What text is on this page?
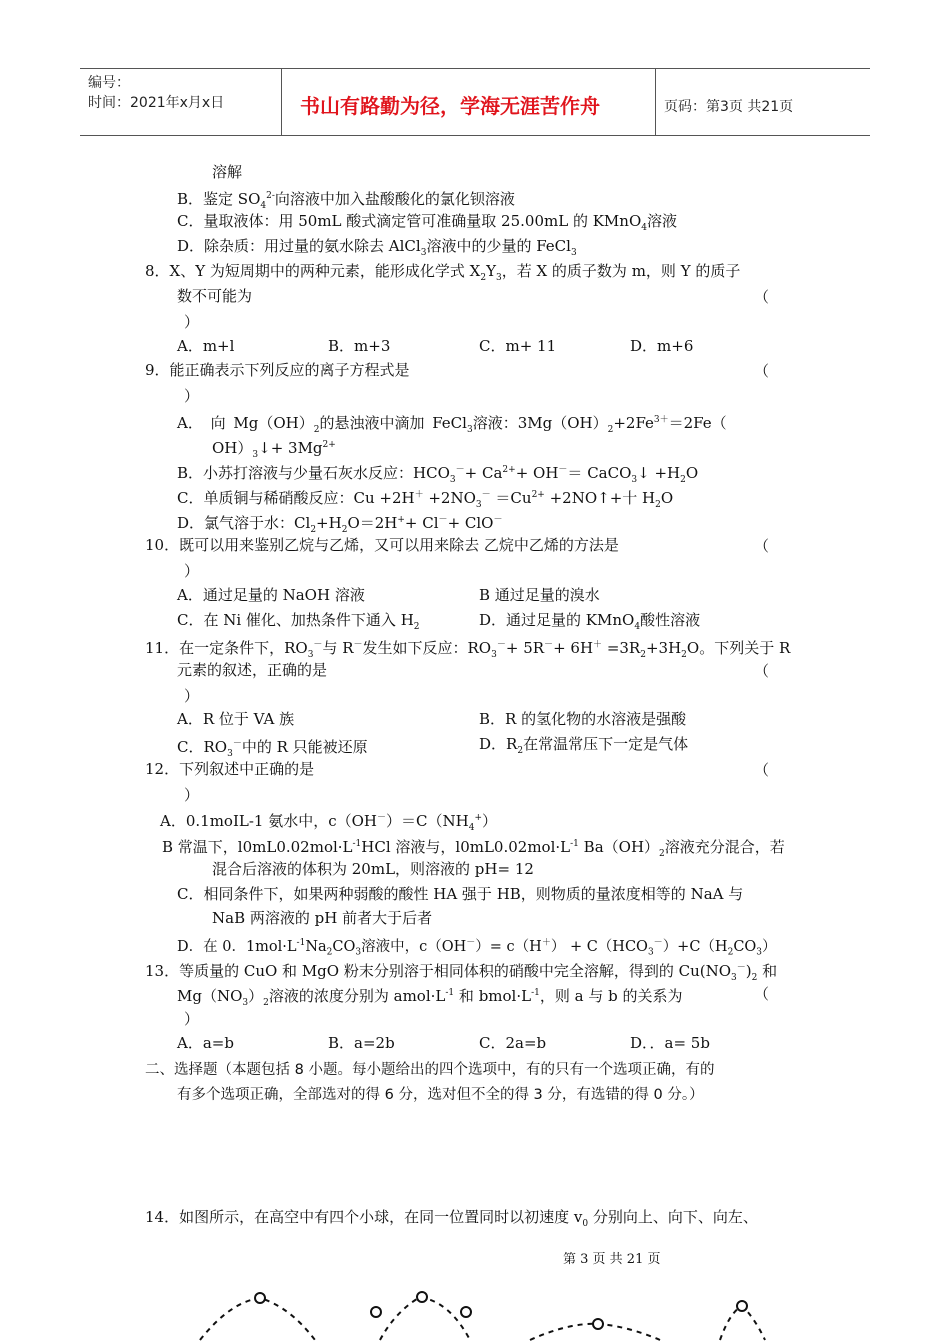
编号：
时间：2021年x月x日	书山有路勤为径，学海无涯苦作舟	页码：第3页 共21页
溶解
B．鉴定 $SO_4^{2-}$向溶液中加入盐酸酸化的氯化钡溶液
C．量取液体：用 50mL 酸式滴定管可准确量取 25.00mL 的 KMnO$_4$溶液
D．除杂质：用过量的氨水除去 AlCl$_3$溶液中的少量的 FeCl$_3$
8．X、Y 为短周期中的两种元素，能形成化学式 $X_2Y_3$，若 X 的质子数为 m，则 Y 的质子
数不可能为	（
）
A．m+l	B．m+3	C．m+ 11	D．m+6
9．能正确表示下列反应的离子方程式是	（
）
A． 向 $Mg(OH)_2$的悬浊液中滴加 FeCl$_3$溶液：$3Mg(OH)_2+2Fe^{3+}=2Fe$（
$OH)_3↓+ 3Mg^{2+}$
B．小苏打溶液与少量石灰水反应：$HCO_3^-+ Ca^{2+}+ OH^-=$ CaCO$_3$↓ $+H_2O$
C．单质铜与稀硝酸反应：$Cu +2H^+ +2NO_3^- =Cu^{2+}$ +2NO↑+十 $H_2O$
D．氯气溶于水：$Cl_2+H_2O=2H^++ Cl^-+ ClO^-$
10．既可以用来鉴别乙烷与乙烯，又可以用来除去 乙烷中乙烯的方法是	（
）
A．通过足量的 NaOH 溶液	B 通过足量的溴水
C．在 Ni 催化、加热条件下通入 $H_2$	D．通过足量的 KMnO$_4$酸性溶液
11．在一定条件下，$RO_3^-$与 R－发生如下反应：$RO_3^-+ 5R^-+ 6H^+ =3R_2+3H_2O$。下列关于 R
元素的叙述，正确的是	（
）
A．R 位于 VA 族	B．R 的氢化物的水溶液是强酸
C．$RO_3^-$中的 R 只能被还原	D．$R_2$在常温常压下一定是气体
12．下列叙述中正确的是	（
）
A．0.1moIL-1 氨水中，$c(OH^-)=C(NH_4^+)$
B 常温下，$l0mL0.02mol\cdot L^{-1}HCl$ 溶液与，$l0mL0.02mol\cdot L^{-1}$ $Ba(OH)_2$溶液充分混合，若
混合后溶液的体积为 20mL，则溶液的 pH= 12
C．相同条件下，如果两种弱酸的酸性 HA 强于 HB，则物质的量浓度相等的 NaA 与
NaB 两溶液的 pH 前者大于后者
D．在 0．$1mol\cdot L^{-1}Na_2CO_3$溶液中，$c(OH^-)= c(H^+) + C(HCO_3^-)+C(H_2CO_3)$
13．等质量的 CuO 和 MgO 粉末分别溶于相同体积的硝酸中完全溶解，得到的 $Cu(NO_3^-)_2$ 和
$Mg(NO_3)_2$溶液的浓度分别为 $amol\cdot L^{-1}$ 和 $bmol\cdot L^{-1}$，则 a 与 b 的关系为	（
）
A．a=b	B．a=2b	C．2a=b	D．．a= 5b
二、选择题（本题包括 8 小题。每小题给出的四个选项中，有的只有一个选项正确，有的
有多个选项正确，全部选对的得 6 分，选对但不全的得 3 分，有选错的得 0 分。）
14．如图所示，在高空中有四个小球，在同一位置同时以初速度 $v_0$ 分别向上、向下、向左、
第 3 页 共 21 页
